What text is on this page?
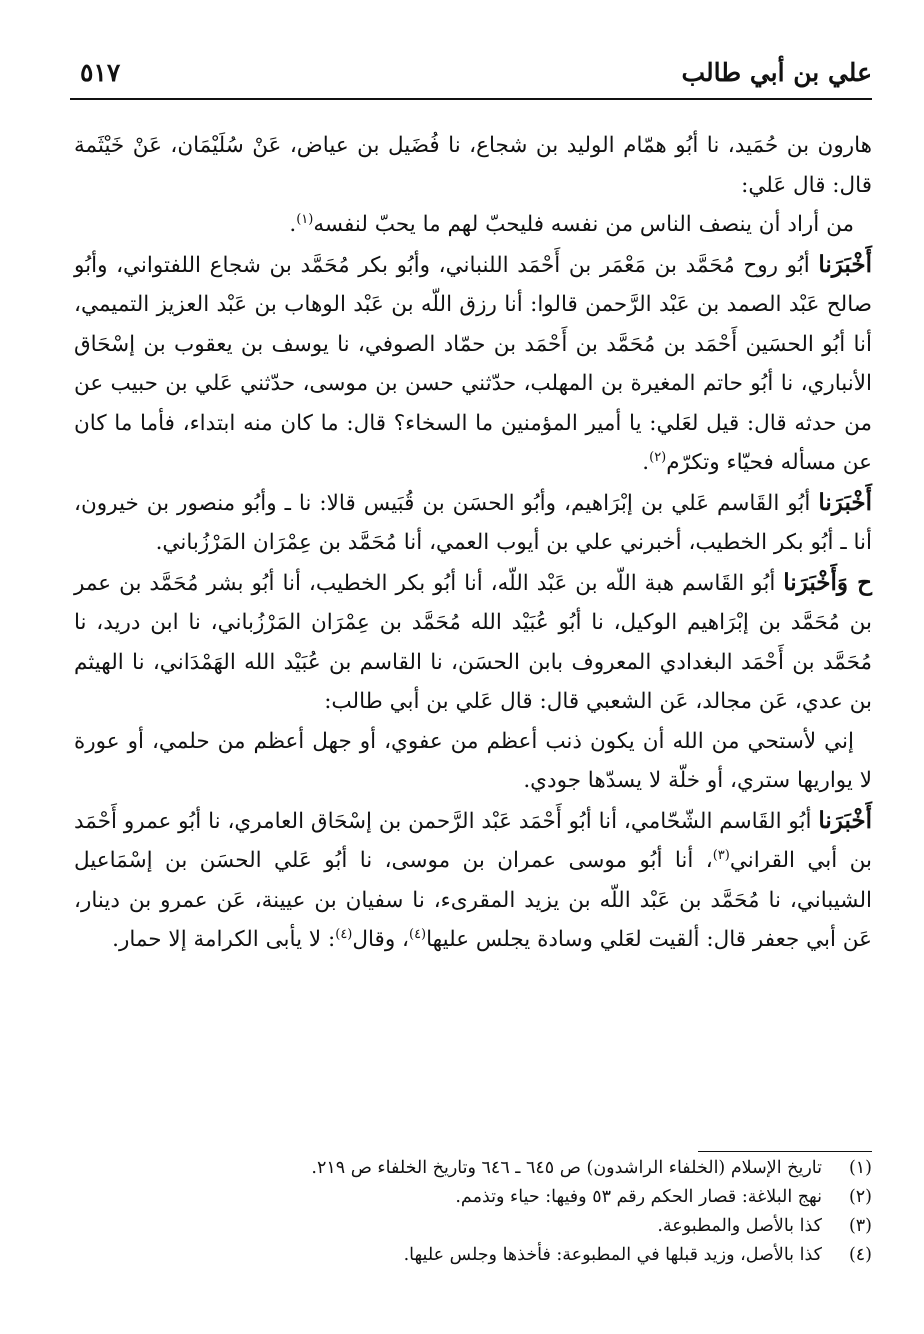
٥١٧	علي بن أبي طالب

هارون بن حُمَيد، نا أبُو همّام الوليد بن شجاع، نا فُضَيل بن عياض، عَنْ سُلَيْمَان، عَنْ خَيْثَمة قال: قال عَلي:

من أراد أن ينصف الناس من نفسه فليحبّ لهم ما يحبّ لنفسه$^{(١)}$.

أَخْبَرَنا أبُو روح مُحَمَّد بن مَعْمَر بن أَحْمَد اللنباني، وأبُو بكر مُحَمَّد بن شجاع اللفتواني، وأبُو صالح عَبْد الصمد بن عَبْد الرَّحمن قالوا: أنا رزق اللّه بن عَبْد الوهاب بن عَبْد العزيز التميمي، أنا أبُو الحسَين أَحْمَد بن مُحَمَّد بن أَحْمَد بن حمّاد الصوفي، نا يوسف بن يعقوب بن إسْحَاق الأنباري، نا أبُو حاتم المغيرة بن المهلب، حدّثني حسن بن موسى، حدّثني عَلي بن حبيب عن من حدثه قال: قيل لعَلي: يا أمير المؤمنين ما السخاء؟ قال: ما كان منه ابتداء، فأما ما كان عن مسأله فحيّاء وتكرّم$^{(٢)}$.

أَخْبَرَنا أبُو القَاسم عَلي بن إبْرَاهيم، وأبُو الحسَن بن قُبَيس قالا: نا ـ وأبُو منصور بن خيرون، أنا ـ أبُو بكر الخطيب، أخبرني علي بن أيوب العمي، أنا مُحَمَّد بن عِمْرَان المَرْزُباني.

ح وَأَخْبَرَنا أبُو القَاسم هبة اللّه بن عَبْد اللّه، أنا أبُو بكر الخطيب، أنا أبُو بشر مُحَمَّد بن عمر بن مُحَمَّد بن إبْرَاهيم الوكيل، نا أبُو عُبَيْد الله مُحَمَّد بن عِمْرَان المَرْزُباني، نا ابن دريد، نا مُحَمَّد بن أَحْمَد البغدادي المعروف بابن الحسَن، نا القاسم بن عُبَيْد الله الهَمْدَاني، نا الهيثم بن عدي، عَن مجالد، عَن الشعبي قال: قال عَلي بن أبي طالب:

إني لأستحي من الله أن يكون ذنب أعظم من عفوي، أو جهل أعظم من حلمي، أو عورة لا يواريها ستري، أو خلّة لا يسدّها جودي.

أَخْبَرَنا أبُو القَاسم الشّحّامي، أنا أبُو أَحْمَد عَبْد الرَّحمن بن إسْحَاق العامري، نا أبُو عمرو أَحْمَد بن أبي القراني$^{(٣)}$، أنا أبُو موسى عمران بن موسى، نا أبُو عَلي الحسَن بن إسْمَاعيل الشيباني، نا مُحَمَّد بن عَبْد اللّه بن يزيد المقرىء، نا سفيان بن عيينة، عَن عمرو بن دينار، عَن أبي جعفر قال: ألقيت لعَلي وسادة يجلس عليها$^{(٤)}$، وقال$^{(٤)}$: لا يأبى الكرامة إلا حمار.

(١)
تاريخ الإسلام (الخلفاء الراشدون) ص ٦٤٥ ـ ٦٤٦ وتاريخ الخلفاء ص ٢١٩.
(٢)
نهج البلاغة: قصار الحكم رقم ٥٣ وفيها: حياء وتذمم.
(٣)
كذا بالأصل والمطبوعة.
(٤)
كذا بالأصل، وزيد قبلها في المطبوعة: فأخذها وجلس عليها.
